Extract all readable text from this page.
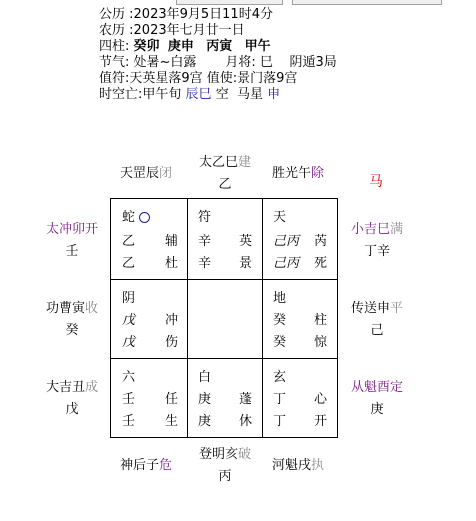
公历 :2023年9月5日11时4分
农历 :2023年七月廿一日
四柱: 癸卯 庚申 丙寅 甲午
节气: 处暑~白露 月将: 巳 阴遁3局
值符:天英星落9宫 值使:景门落9宫
时空亡:甲午旬 辰巳 空 马星 申
天罡辰闭
太乙巳建
乙
胜光午除
马
太冲卯开
壬
功曹寅收
癸
大吉丑成
戊
小吉巳满
丁辛
传送申平
己
从魁酉定
庚
神后子危
登明亥破
丙
河魁戌执
蛇
乙 辅
乙 杜
符
辛 英
辛 景
天
己丙 芮
己丙 死
阴
戊 冲
戊 伤
地
癸 柱
癸 惊
六
壬 任
壬 生
白
庚 蓬
庚 休
玄
丁 心
丁 开
